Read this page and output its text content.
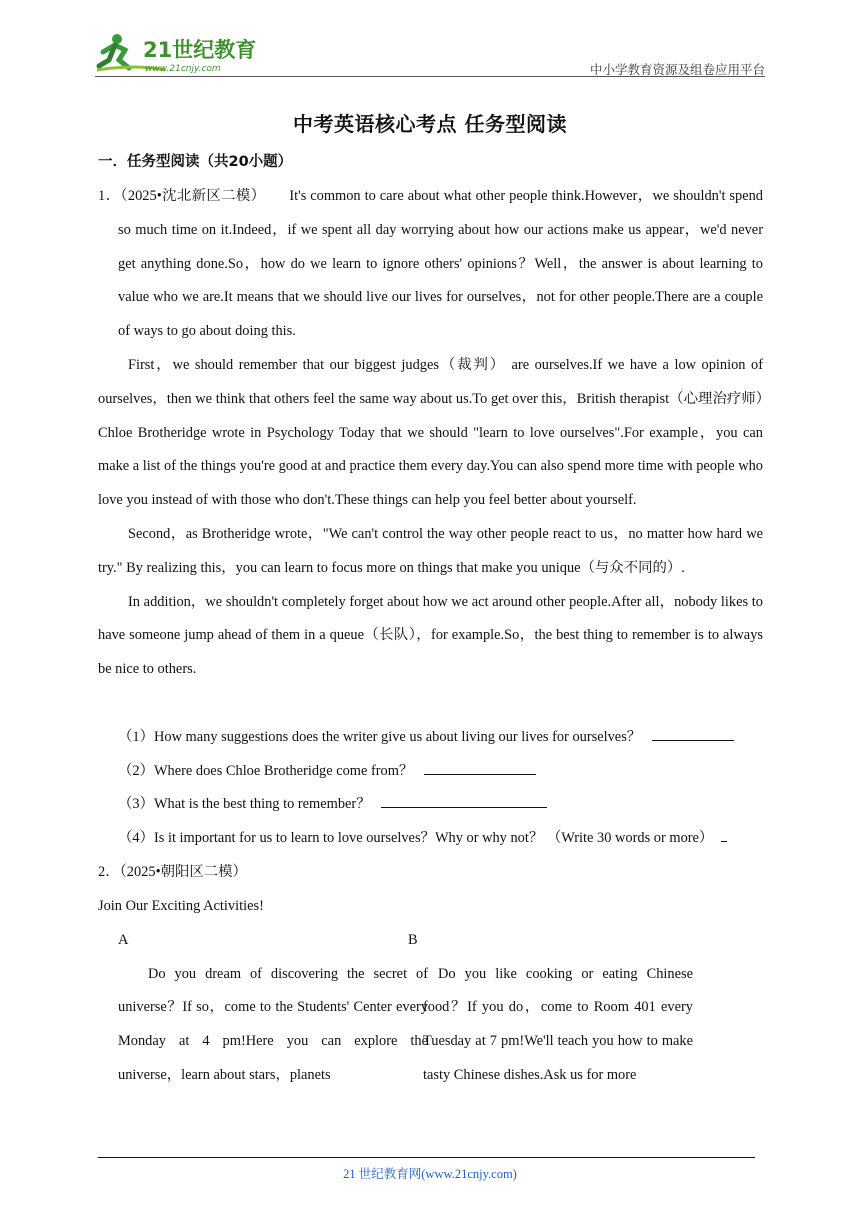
21世纪教育
www.21cnjy.com	中小学教育资源及组卷应用平台
中考英语核心考点 任务型阅读
一．任务型阅读（共20小题）

1．（2025•沈北新区二模） It's common to care about what other people think.However，we shouldn't spend so much time on it.Indeed，if we spent all day worrying about how our actions make us appear，we'd never get anything done.So，how do we learn to ignore others' opinions？Well，the answer is about learning to value who we are.It means that we should live our lives for ourselves，not for other people.There are a couple of ways to go about doing this.

First，we should remember that our biggest judges（裁判） are ourselves.If we have a low opinion of ourselves，then we think that others feel the same way about us.To get over this，British therapist（心理治疗师）Chloe Brotheridge wrote in Psychology Today that we should "learn to love ourselves".For example，you can make a list of the things you're good at and practice them every day.You can also spend more time with people who love you instead of with those who don't.These things can help you feel better about yourself.

Second，as Brotheridge wrote，"We can't control the way other people react to us，no matter how hard we try." By realizing this，you can learn to focus more on things that make you unique（与众不同的）.

In addition，we shouldn't completely forget about how we act around other people.After all，nobody likes to have someone jump ahead of them in a queue（长队），for example.So，the best thing to remember is to always be nice to others.

（1）How many suggestions does the writer give us about living our lives for ourselves？

（2）Where does Chloe Brotheridge come from？

（3）What is the best thing to remember？

（4）Is it important for us to learn to love ourselves？Why or why not？ （Write 30 words or more）

2．（2025•朝阳区二模）

Join Our Exciting Activities!

A	B

Do you dream of discovering the secret of universe？If so，come to the Students' Center every Monday at 4 pm!Here you can explore the universe，learn about stars，planets

Do you like cooking or eating Chinese food？If you do，come to Room 401 every Tuesday at 7 pm!We'll teach you how to make tasty Chinese dishes.Ask us for more

21 世纪教育网(www.21cnjy.com)
